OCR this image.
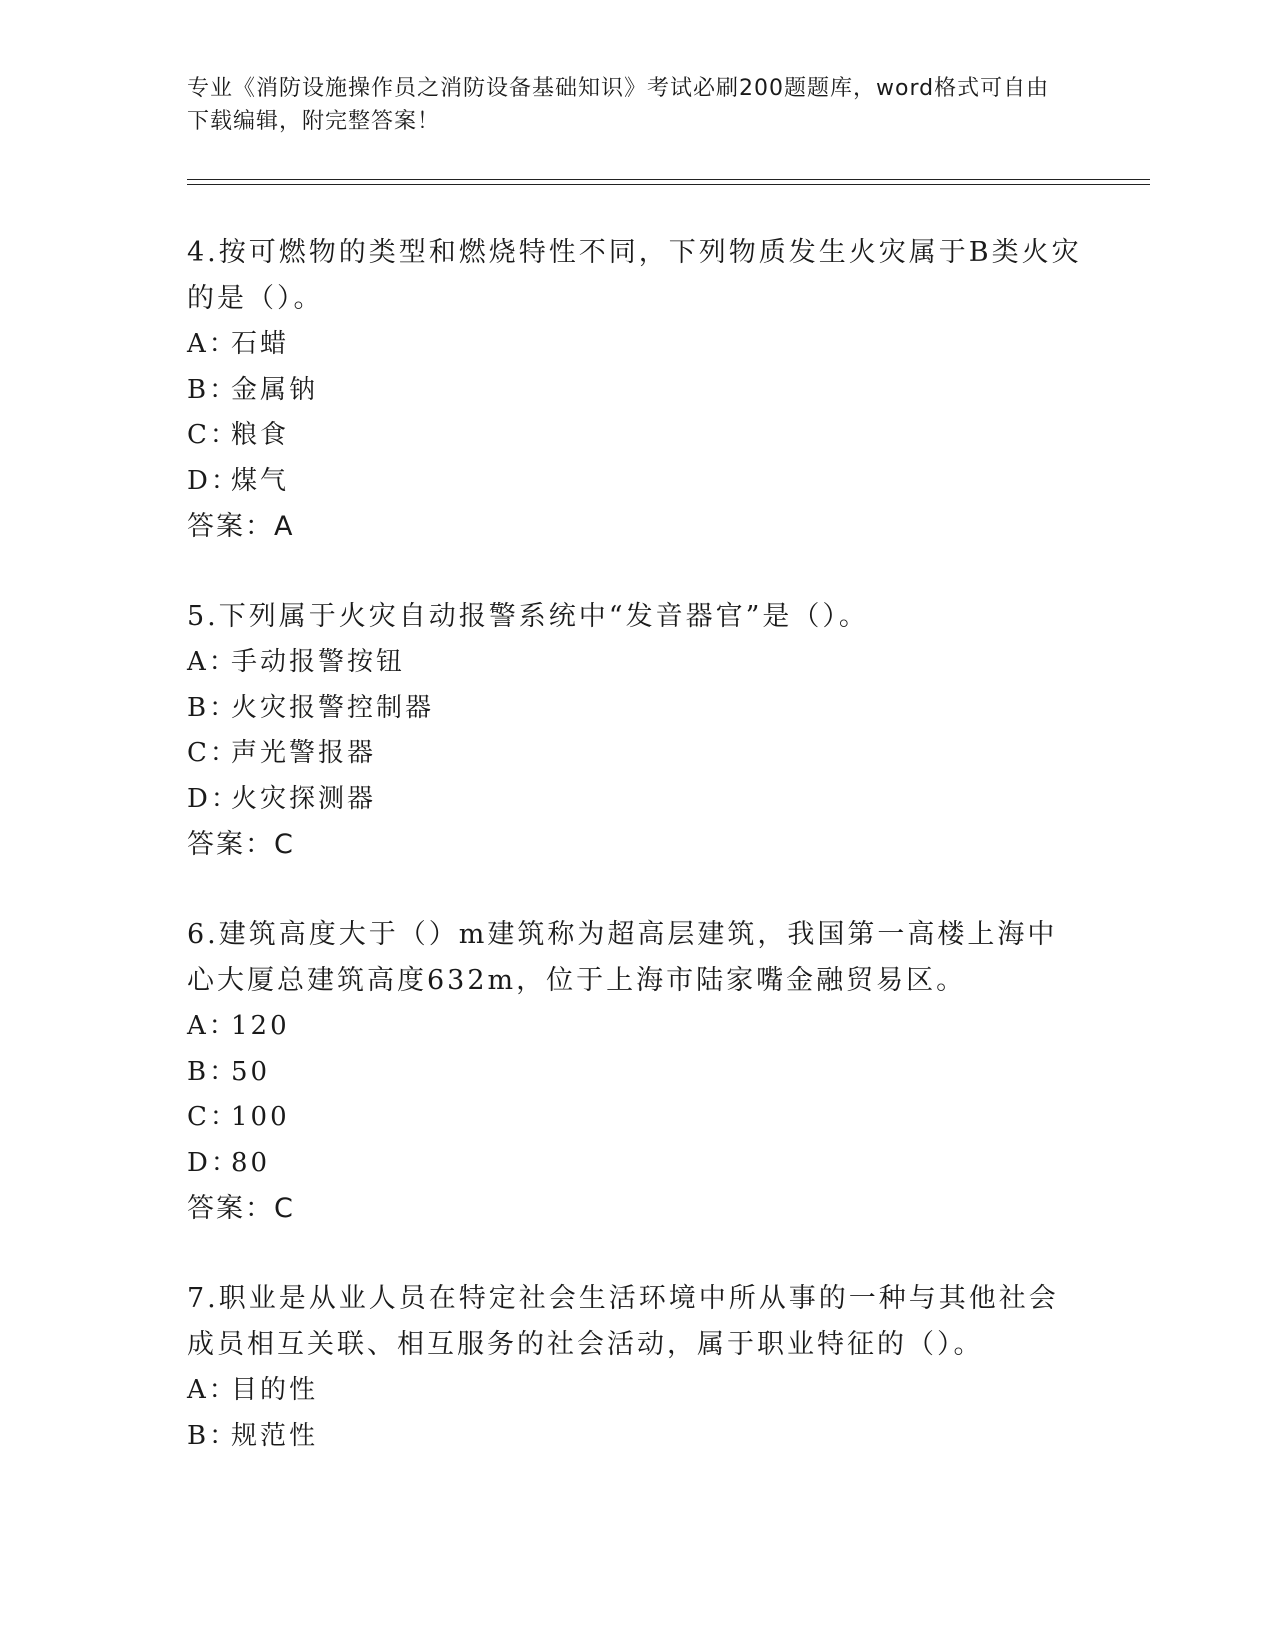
专业《消防设施操作员之消防设备基础知识》考试必刷200题题库，word格式可自由下载编辑，附完整答案！

4.按可燃物的类型和燃烧特性不同，下列物质发生火灾属于B类火灾的是（）。

A：石蜡
B：金属钠
C：粮食
D：煤气
答案：A

5.下列属于火灾自动报警系统中“发音器官”是（）。

A：手动报警按钮
B：火灾报警控制器
C：声光警报器
D：火灾探测器
答案：C

6.建筑高度大于（）m建筑称为超高层建筑，我国第一高楼上海中心大厦总建筑高度632m，位于上海市陆家嘴金融贸易区。

A：120
B：50
C：100
D：80
答案：C

7.职业是从业人员在特定社会生活环境中所从事的一种与其他社会成员相互关联、相互服务的社会活动，属于职业特征的（）。

A：目的性
B：规范性
